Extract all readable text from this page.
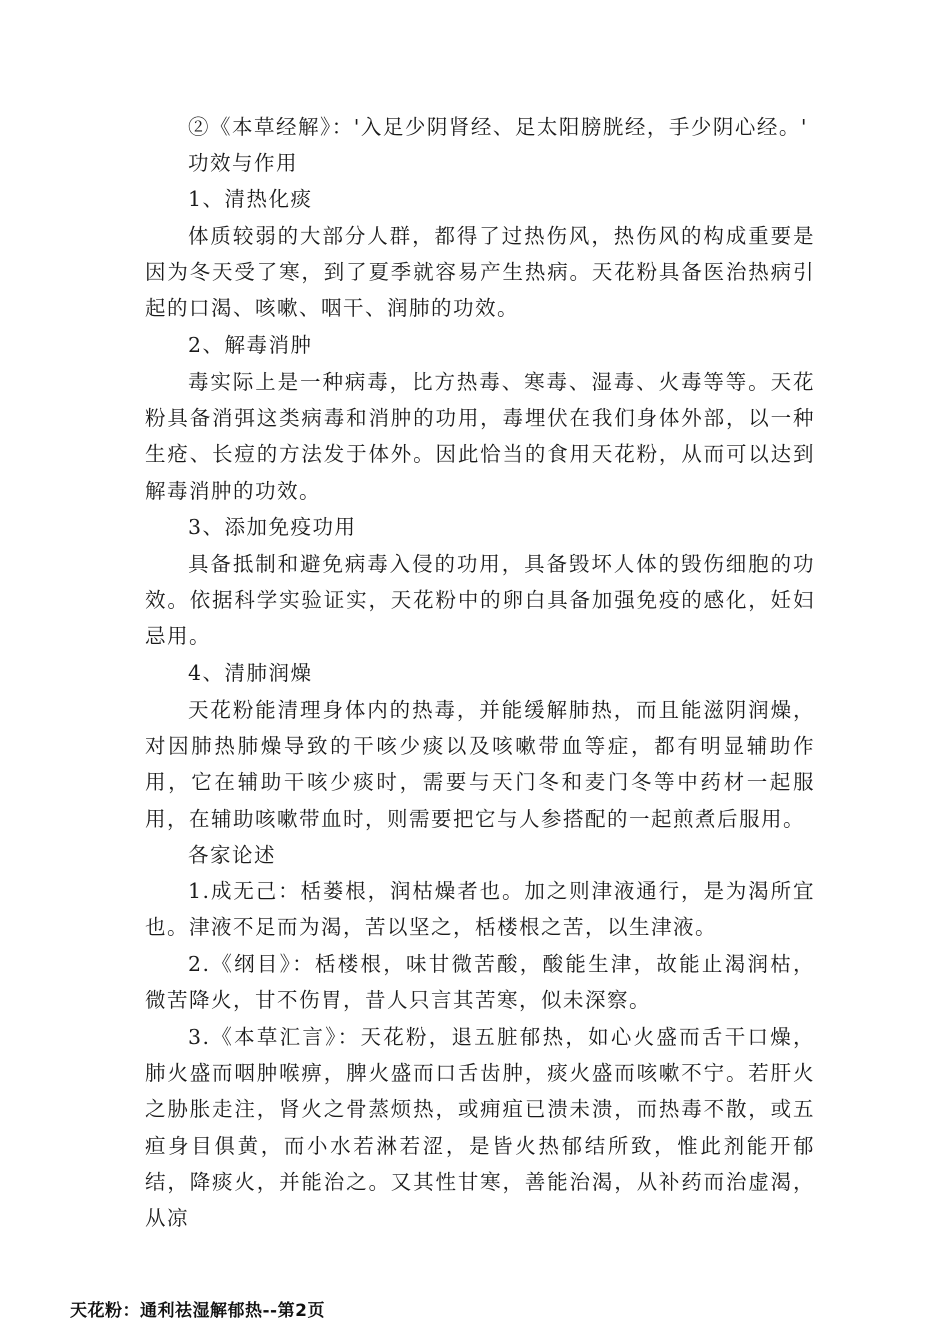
②《本草经解》：'入足少阴肾经、足太阳膀胱经，手少阴心经。'

功效与作用

1、清热化痰

体质较弱的大部分人群，都得了过热伤风，热伤风的构成重要是因为冬天受了寒，到了夏季就容易产生热病。天花粉具备医治热病引起的口渴、咳嗽、咽干、润肺的功效。

2、解毒消肿

毒实际上是一种病毒，比方热毒、寒毒、湿毒、火毒等等。天花粉具备消弭这类病毒和消肿的功用，毒埋伏在我们身体外部，以一种生疮、长痘的方法发于体外。因此恰当的食用天花粉，从而可以达到解毒消肿的功效。

3、添加免疫功用

具备抵制和避免病毒入侵的功用，具备毁坏人体的毁伤细胞的功效。依据科学实验证实，天花粉中的卵白具备加强免疫的感化，妊妇忌用。

4、清肺润燥

天花粉能清理身体内的热毒，并能缓解肺热，而且能滋阴润燥，对因肺热肺燥导致的干咳少痰以及咳嗽带血等症，都有明显辅助作用，它在辅助干咳少痰时，需要与天门冬和麦门冬等中药材一起服用，在辅助咳嗽带血时，则需要把它与人参搭配的一起煎煮后服用。

各家论述

1.成无己：栝蒌根，润枯燥者也。加之则津液通行，是为渴所宜也。津液不足而为渴，苦以坚之，栝楼根之苦，以生津液。

2.《纲目》：栝楼根，味甘微苦酸，酸能生津，故能止渴润枯，微苦降火，甘不伤胃，昔人只言其苦寒，似未深察。

3.《本草汇言》：天花粉，退五脏郁热，如心火盛而舌干口燥，肺火盛而咽肿喉痹，脾火盛而口舌齿肿，痰火盛而咳嗽不宁。若肝火之胁胀走注，肾火之骨蒸烦热，或痈疽已溃未溃，而热毒不散，或五疸身目俱黄，而小水若淋若涩，是皆火热郁结所致，惟此剂能开郁结，降痰火，并能治之。又其性甘寒，善能治渴，从补药而治虚渴，从凉

天花粉：通利祛湿解郁热--第2页
